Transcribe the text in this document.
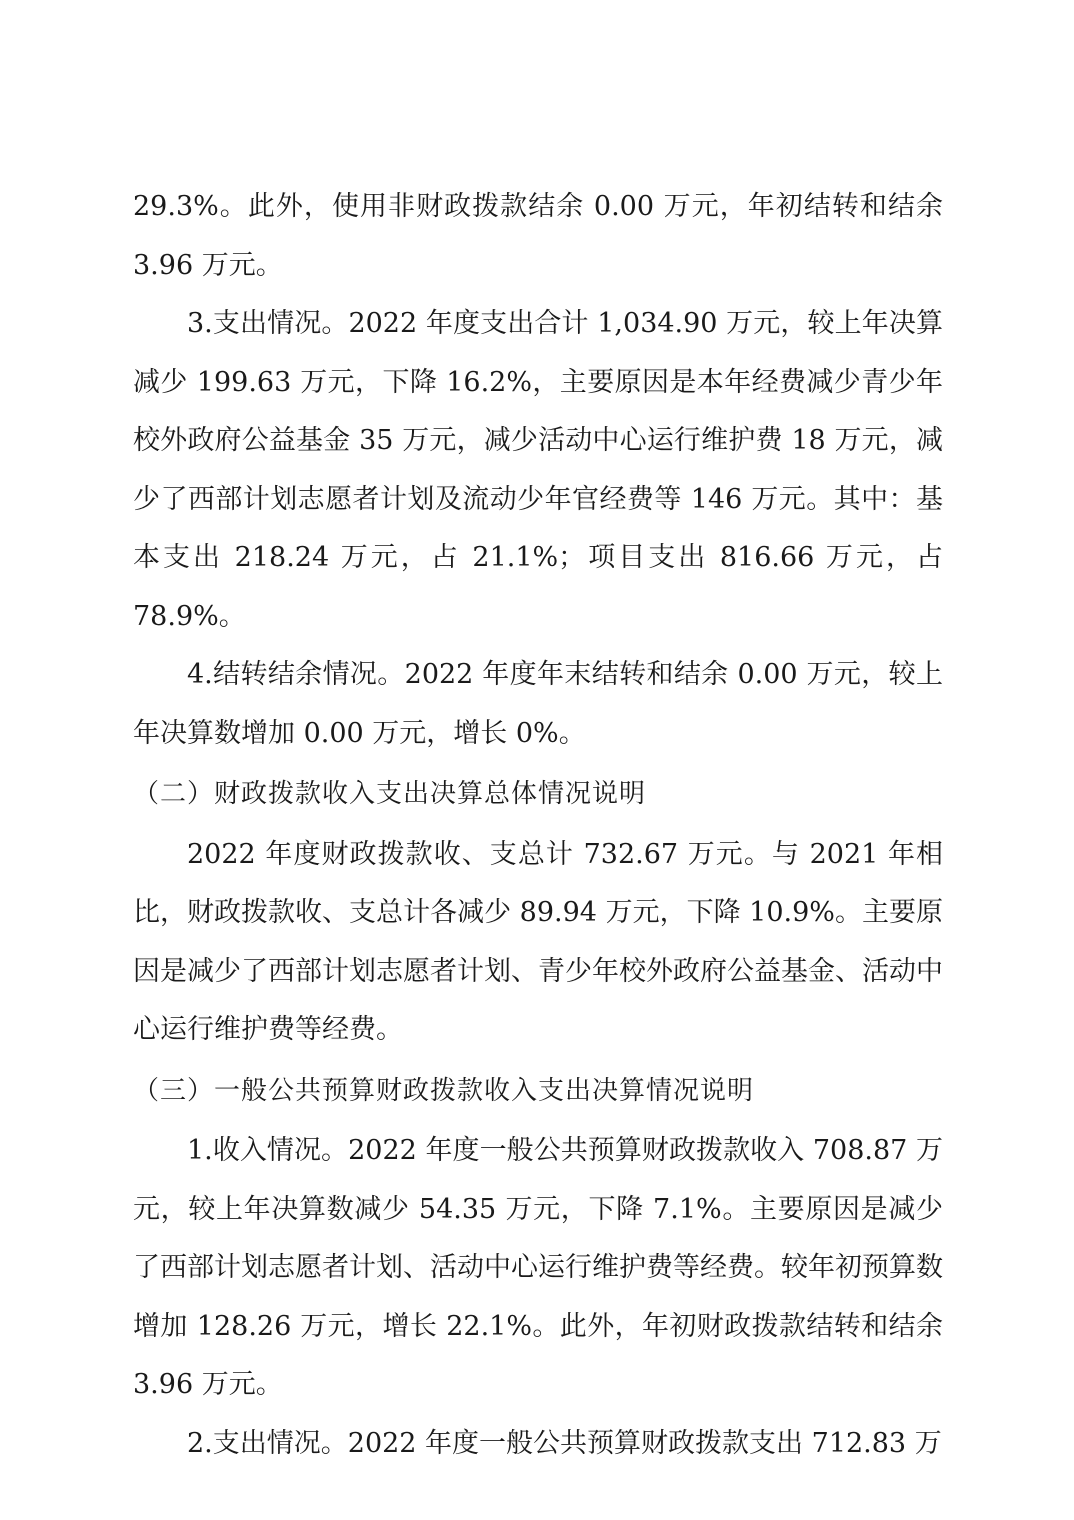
29.3%。此外，使用非财政拨款结余 0.00 万元，年初结转和结余 3.96 万元。

3.支出情况。2022 年度支出合计 1,034.90 万元，较上年决算减少 199.63 万元，下降 16.2%，主要原因是本年经费减少青少年校外政府公益基金 35 万元，减少活动中心运行维护费 18 万元，减少了西部计划志愿者计划及流动少年官经费等 146 万元。其中：基本支出 218.24 万元，占 21.1%；项目支出 816.66 万元，占 78.9%。

4.结转结余情况。2022 年度年末结转和结余 0.00 万元，较上年决算数增加 0.00 万元，增长 0%。

（二）财政拨款收入支出决算总体情况说明

2022 年度财政拨款收、支总计 732.67 万元。与 2021 年相比，财政拨款收、支总计各减少 89.94 万元，下降 10.9%。主要原因是减少了西部计划志愿者计划、青少年校外政府公益基金、活动中心运行维护费等经费。

（三）一般公共预算财政拨款收入支出决算情况说明

1.收入情况。2022 年度一般公共预算财政拨款收入 708.87 万元，较上年决算数减少 54.35 万元，下降 7.1%。主要原因是减少了西部计划志愿者计划、活动中心运行维护费等经费。较年初预算数增加 128.26 万元，增长 22.1%。此外，年初财政拨款结转和结余 3.96 万元。

2.支出情况。2022 年度一般公共预算财政拨款支出 712.83 万
